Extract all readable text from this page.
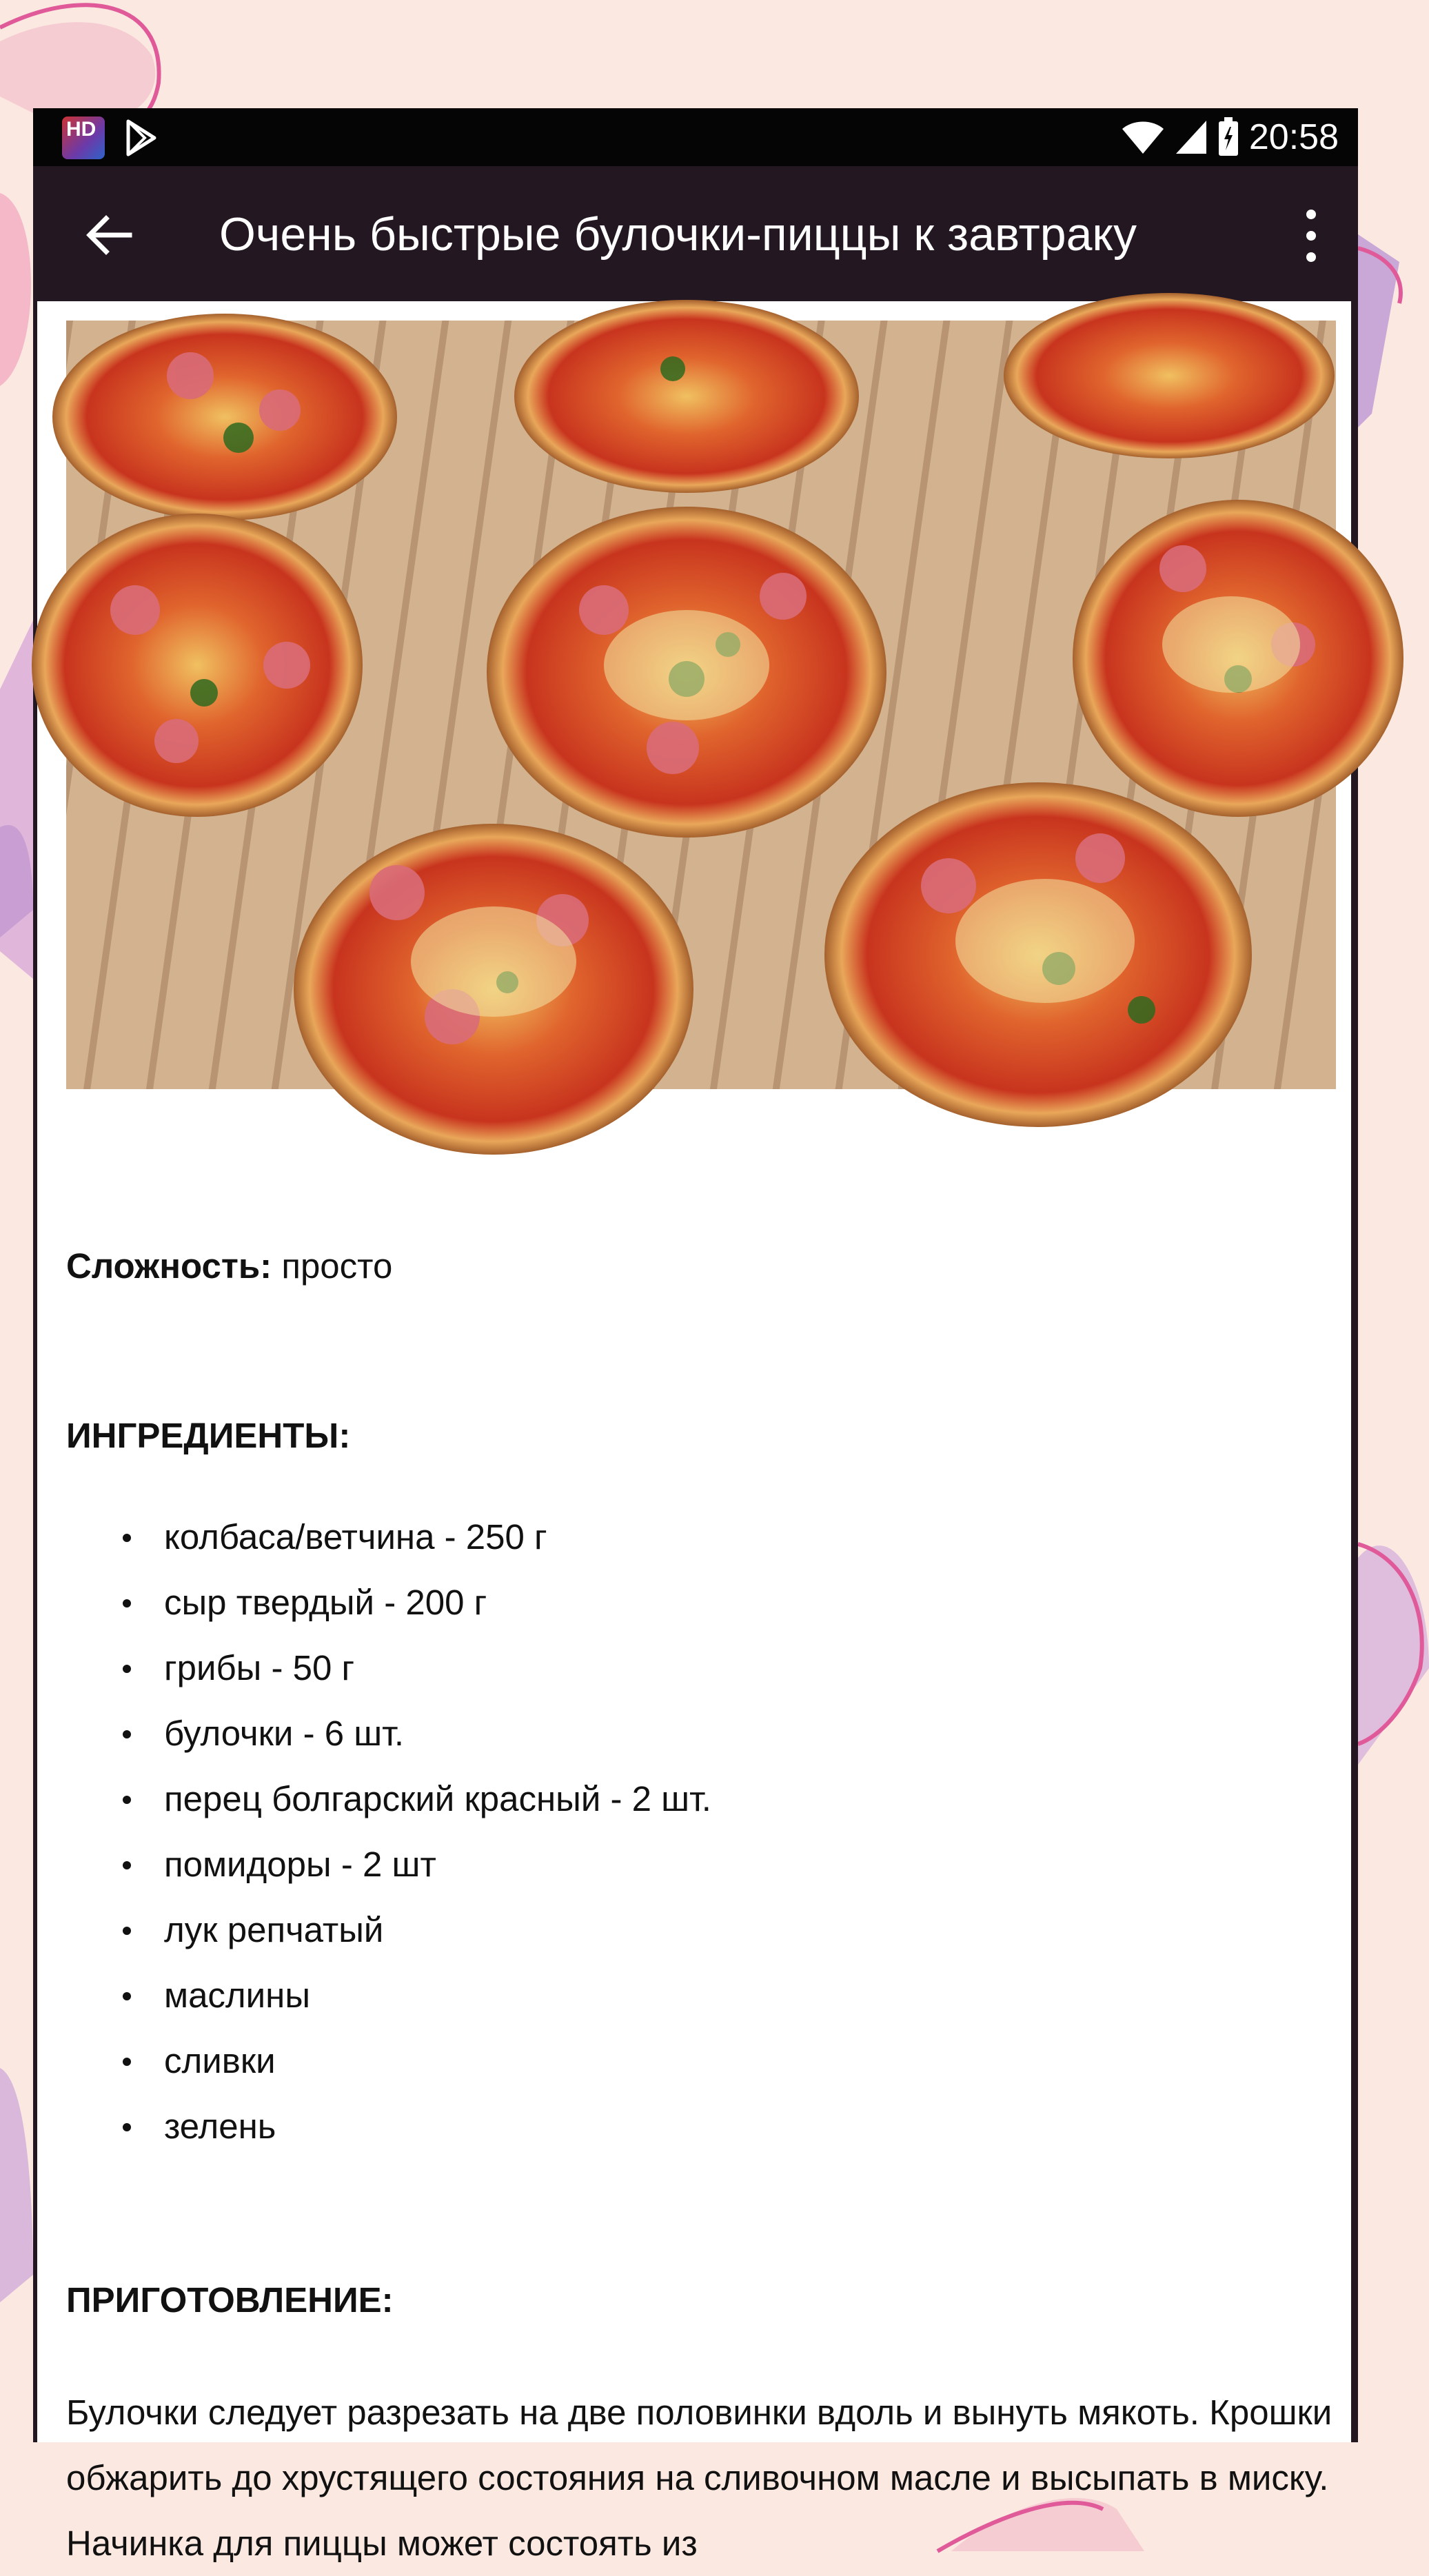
HD	20:58
Очень быстрые булочки-пиццы к завтраку
Сложность: просто
ИНГРЕДИЕНТЫ:
колбаса/ветчина - 250 г
сыр твердый - 200 г
грибы - 50 г
булочки - 6 шт.
перец болгарский красный - 2 шт.
помидоры - 2 шт
лук репчатый
маслины
сливки
зелень
ПРИГОТОВЛЕНИЕ:

Булочки следует разрезать на две половинки вдоль и вынуть мякоть. Крошки обжарить до хрустящего состояния на сливочном масле и высыпать в миску. Начинка для пиццы может состоять из
